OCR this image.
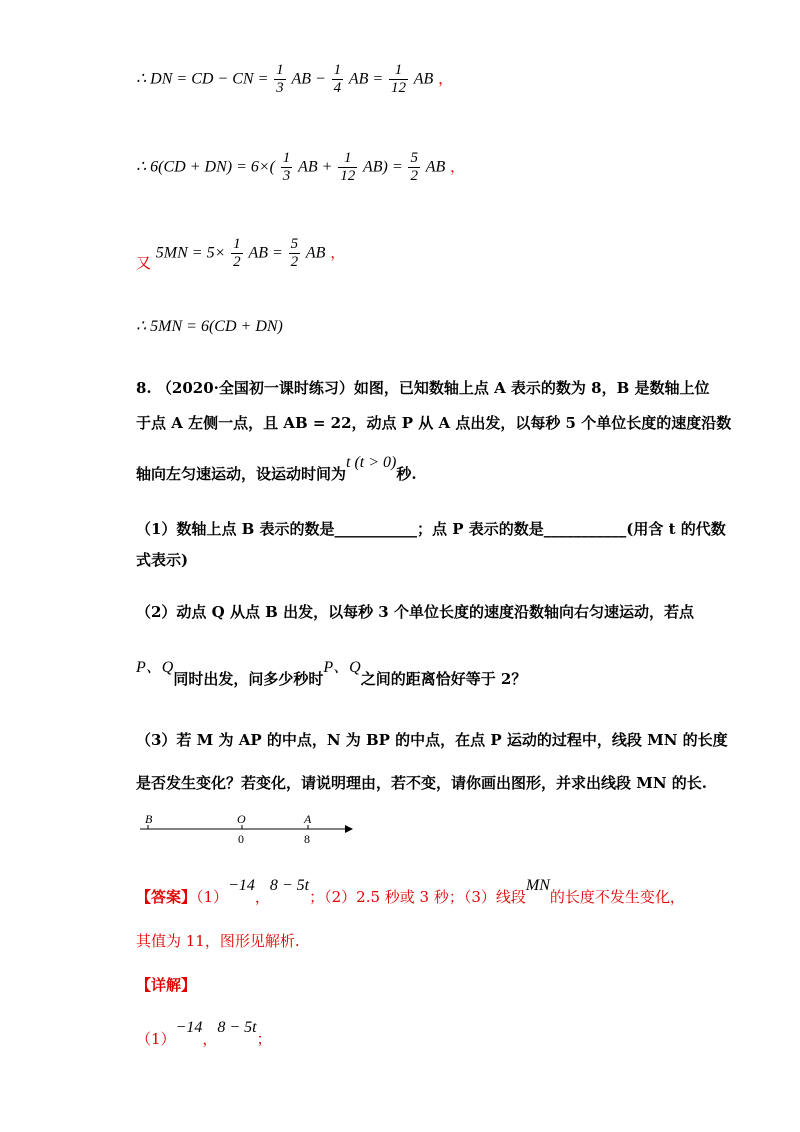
∴ DN = CD − CN = $\frac{1}{3}$ AB − $\frac{1}{4}$ AB = $\frac{1}{12}$ AB ，
∴ $6(CD + DN) = 6\times( \frac{1}{3}$ AB + $\frac{1}{12} AB) = \frac{5}{2}$ AB ，
又 $5MN = 5\times \frac{1}{2}$ AB = $\frac{5}{2}$ AB ，
∴ 5MN = 6(CD + DN)
8. （2020·全国初一课时练习）如图，已知数轴上点 A 表示的数为 8，B 是数轴上位
于点 A 左侧一点，且 AB = 22，动点 P 从 A 点出发，以每秒 5 个单位长度的速度沿数
轴向左匀速运动，设运动时间为t (t > 0)秒.
（1）数轴上点 B 表示的数是___________；点 P 表示的数是___________(用含 t 的代数
式表示)
（2）动点 Q 从点 B 出发，以每秒 3 个单位长度的速度沿数轴向右匀速运动，若点
P、Q同时出发，问多少秒时P、Q之间的距离恰好等于 2？
（3）若 M 为 AP 的中点，N 为 BP 的中点，在点 P 运动的过程中，线段 MN 的长度
是否发生变化？若变化，请说明理由，若不变，请你画出图形，并求出线段 MN 的长.
B	O	A
0	8
【答案】（1）−14，8 − 5t；（2）2.5 秒或 3 秒；（3）线段MN的长度不发生变化，
其值为 11，图形见解析.
【详解】
（1）−14，8 − 5t；
